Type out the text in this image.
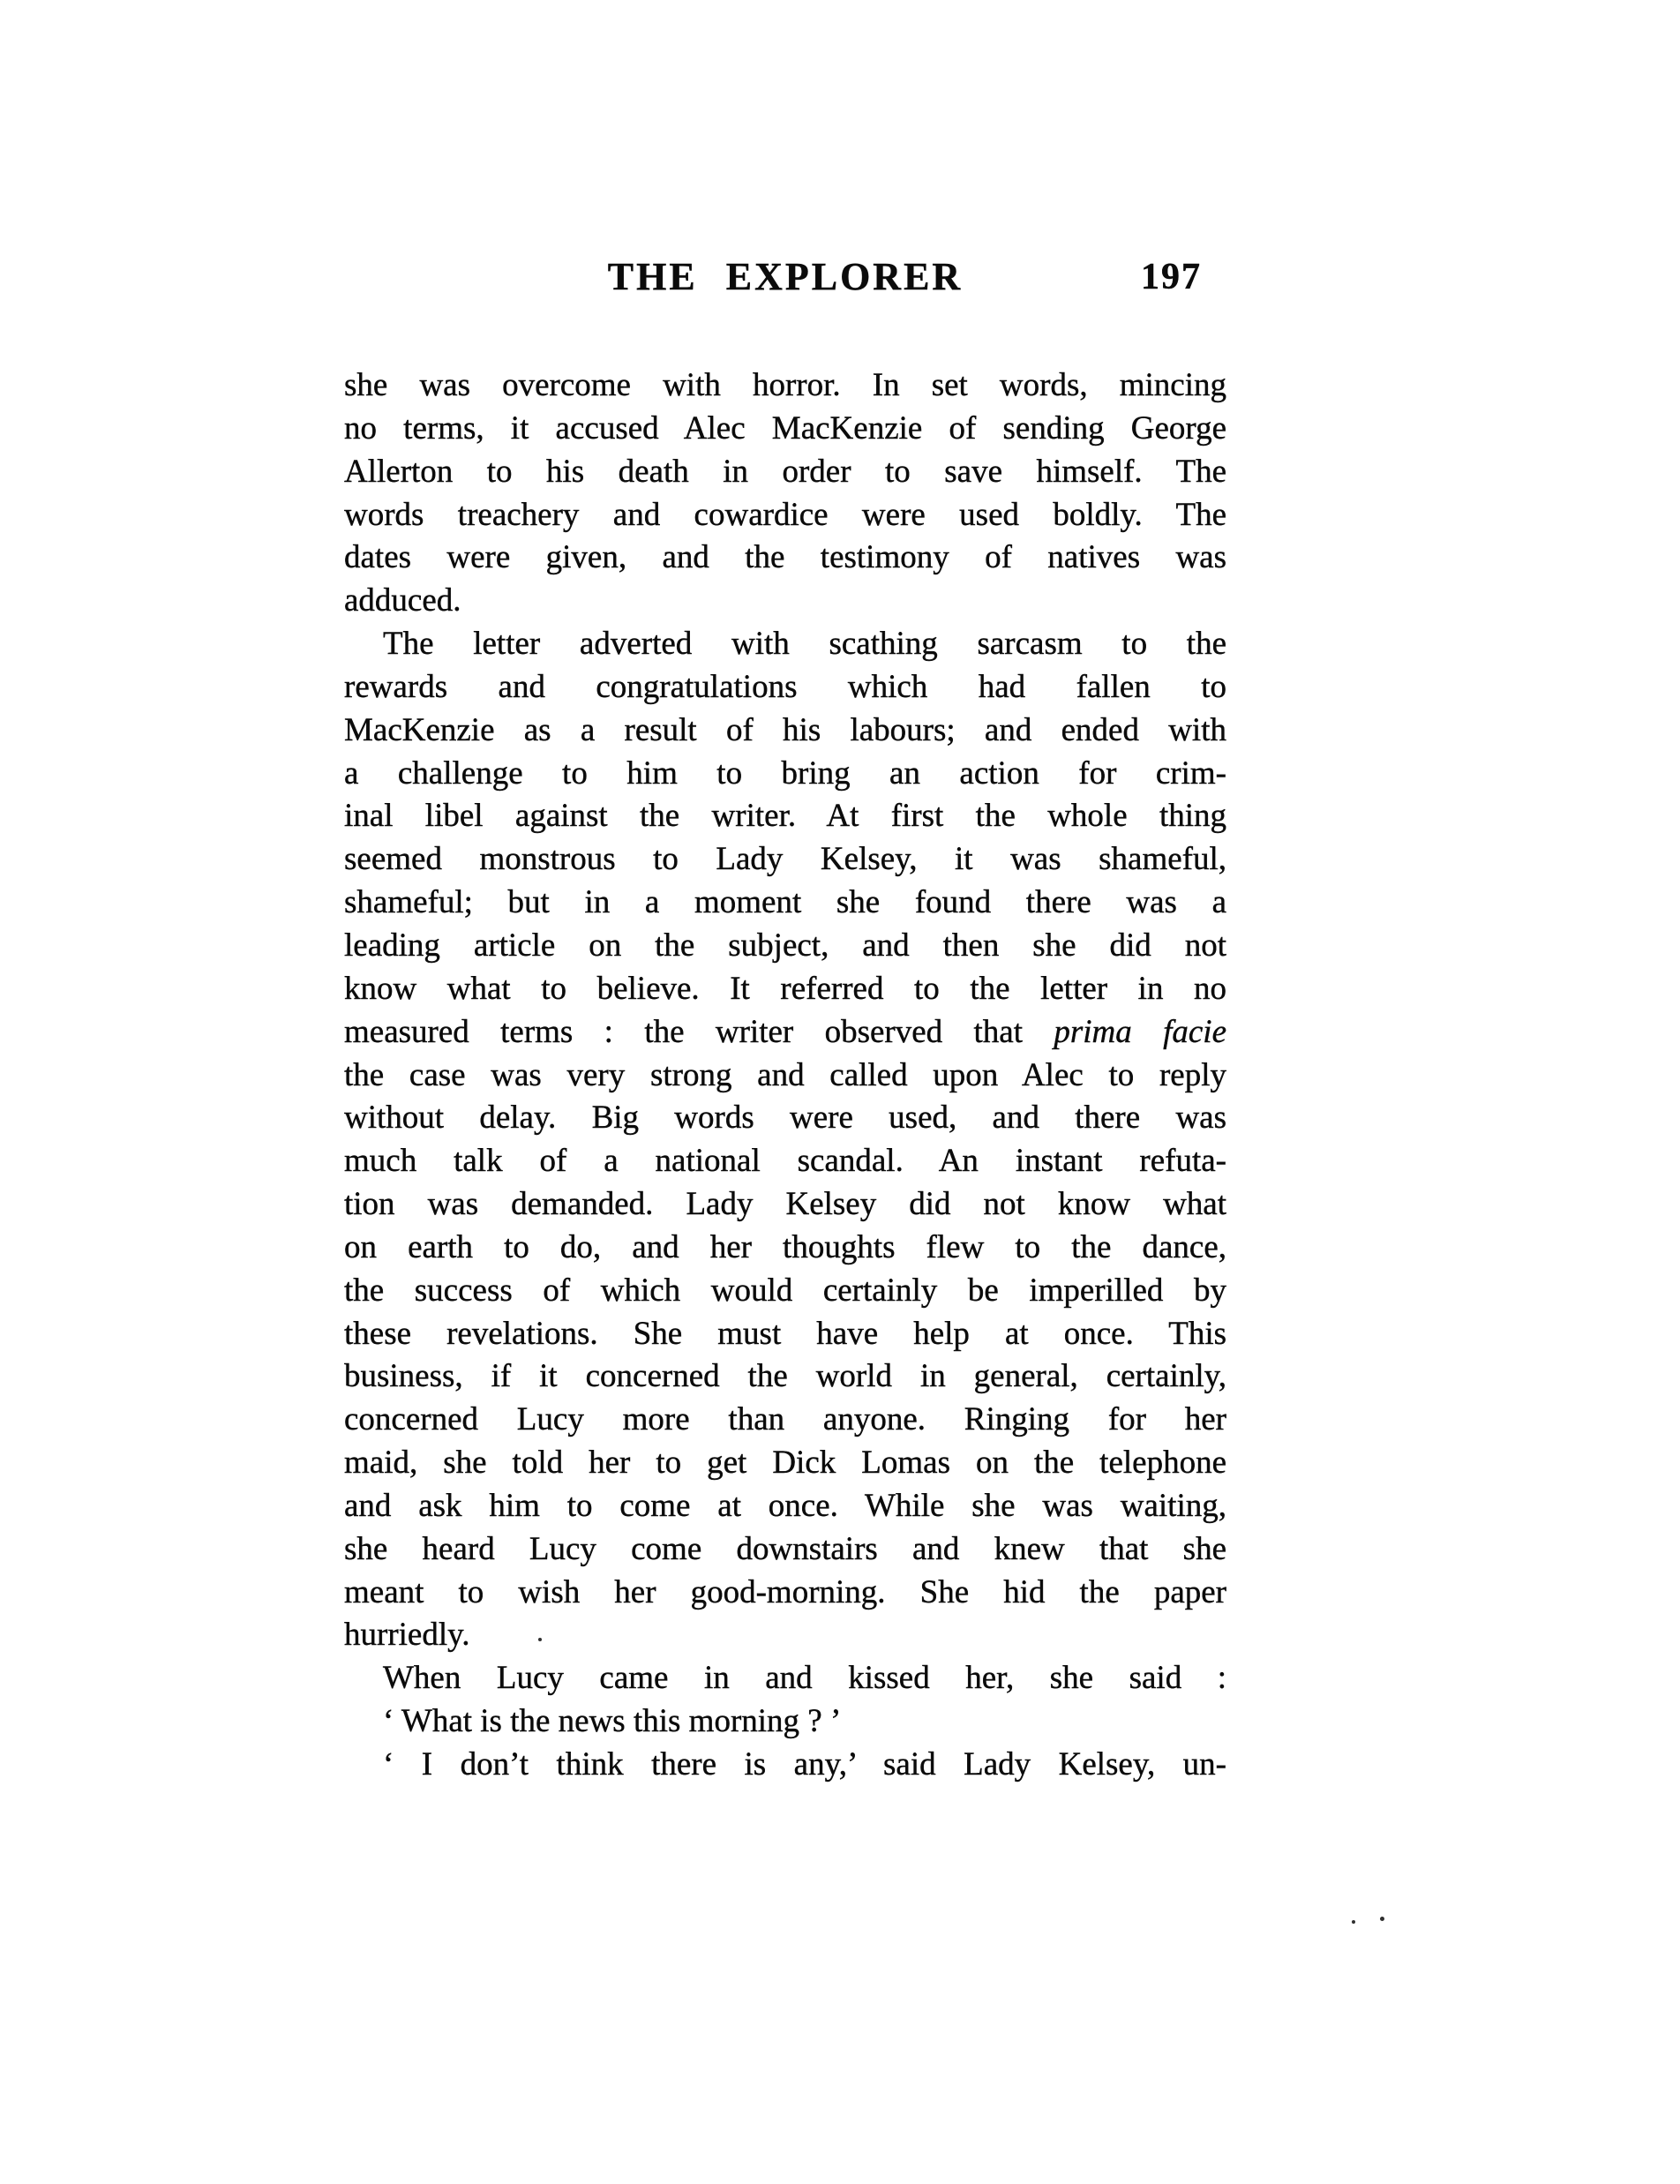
THE EXPLORER	197
she was overcome with horror. In set words, mincing
no terms, it accused Alec MacKenzie of sending George
Allerton to his death in order to save himself. The
words treachery and cowardice were used boldly. The
dates were given, and the testimony of natives was
adduced.
The letter adverted with scathing sarcasm to the
rewards and congratulations which had fallen to
MacKenzie as a result of his labours; and ended with
a challenge to him to bring an action for crim-
inal libel against the writer. At first the whole thing
seemed monstrous to Lady Kelsey, it was shameful,
shameful; but in a moment she found there was a
leading article on the subject, and then she did not
know what to believe. It referred to the letter in no
measured terms : the writer observed that prima facie
the case was very strong and called upon Alec to reply
without delay. Big words were used, and there was
much talk of a national scandal. An instant refuta-
tion was demanded. Lady Kelsey did not know what
on earth to do, and her thoughts flew to the dance,
the success of which would certainly be imperilled by
these revelations. She must have help at once. This
business, if it concerned the world in general, certainly,
concerned Lucy more than anyone. Ringing for her
maid, she told her to get Dick Lomas on the telephone
and ask him to come at once. While she was waiting,
she heard Lucy come downstairs and knew that she
meant to wish her good-morning. She hid the paper
hurriedly.
When Lucy came in and kissed her, she said :
‘ What is the news this morning ? ’
‘ I don’t think there is any,’ said Lady Kelsey, un-
